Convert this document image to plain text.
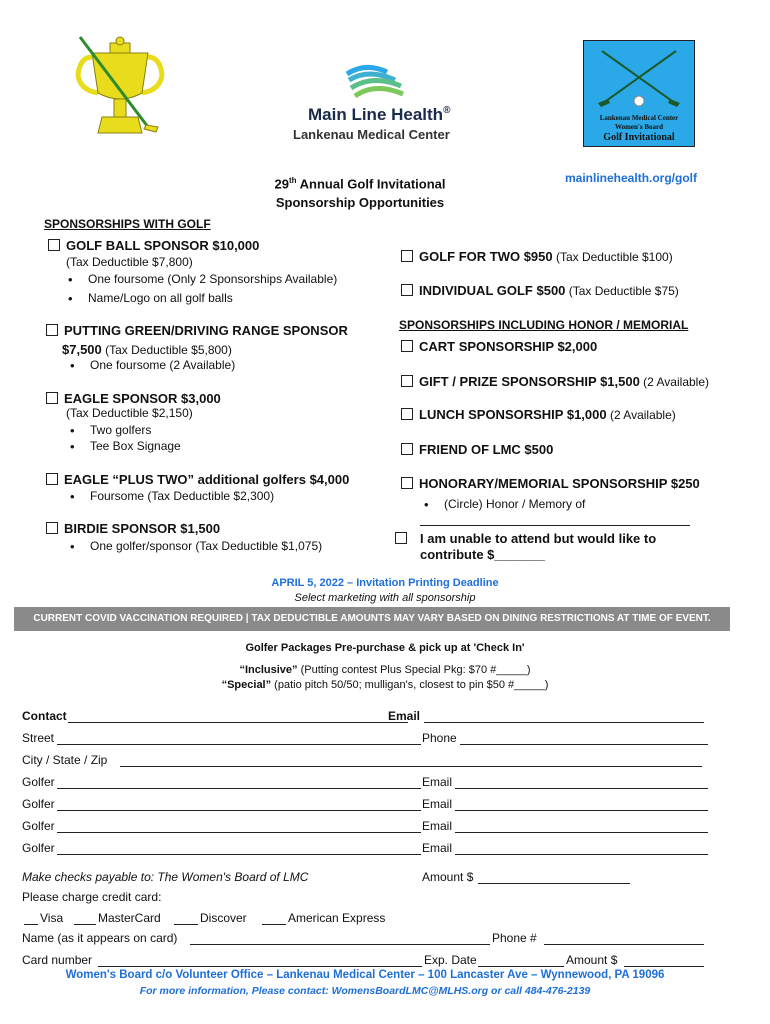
Main Line Health®
Lankenau Medical Center
Lankenau Medical Center
Women's Board
Golf Invitational
29th Annual Golf Invitational
Sponsorship Opportunities
mainlinehealth.org/golf
SPONSORSHIPS WITH GOLF
GOLF BALL SPONSOR $10,000
(Tax Deductible $7,800)
• One foursome (Only 2 Sponsorships Available)
• Name/Logo on all golf balls
PUTTING GREEN/DRIVING RANGE SPONSOR
$7,500 (Tax Deductible $5,800)
• One foursome (2 Available)
EAGLE SPONSOR $3,000
(Tax Deductible $2,150)
• Two golfers
• Tee Box Signage
EAGLE “PLUS TWO” additional golfers $4,000
• Foursome (Tax Deductible $2,300)
BIRDIE SPONSOR $1,500
• One golfer/sponsor (Tax Deductible $1,075)
GOLF FOR TWO $950 (Tax Deductible $100)
INDIVIDUAL GOLF $500 (Tax Deductible $75)
SPONSORSHIPS INCLUDING HONOR / MEMORIAL
CART SPONSORSHIP $2,000
GIFT / PRIZE SPONSORSHIP $1,500 (2 Available)
LUNCH SPONSORSHIP $1,000 (2 Available)
FRIEND OF LMC $500
HONORARY/MEMORIAL SPONSORSHIP $250
• (Circle) Honor / Memory of
I am unable to attend but would like to
contribute $_______
APRIL 5, 2022 – Invitation Printing Deadline
Select marketing with all sponsorship
CURRENT COVID VACCINATION REQUIRED | TAX DEDUCTIBLE AMOUNTS MAY VARY BASED ON DINING RESTRICTIONS AT TIME OF EVENT.
Golfer Packages Pre-purchase & pick up at 'Check In'
“Inclusive” (Putting contest Plus Special Pkg: $70 #_____)
“Special” (patio pitch 50/50; mulligan's, closest to pin $50 #_____)
Contact	Email
Street	Phone
City / State / Zip
Golfer	Email
Golfer	Email
Golfer	Email
Golfer	Email
Make checks payable to: The Women's Board of LMC	Amount $
Please charge credit card:
Visa	MasterCard	Discover	American Express
Name (as it appears on card)	Phone #
Card number	Exp. Date	Amount $
Women's Board c/o Volunteer Office – Lankenau Medical Center – 100 Lancaster Ave – Wynnewood, PA 19096
For more information, Please contact: WomensBoardLMC@MLHS.org or call 484-476-2139
